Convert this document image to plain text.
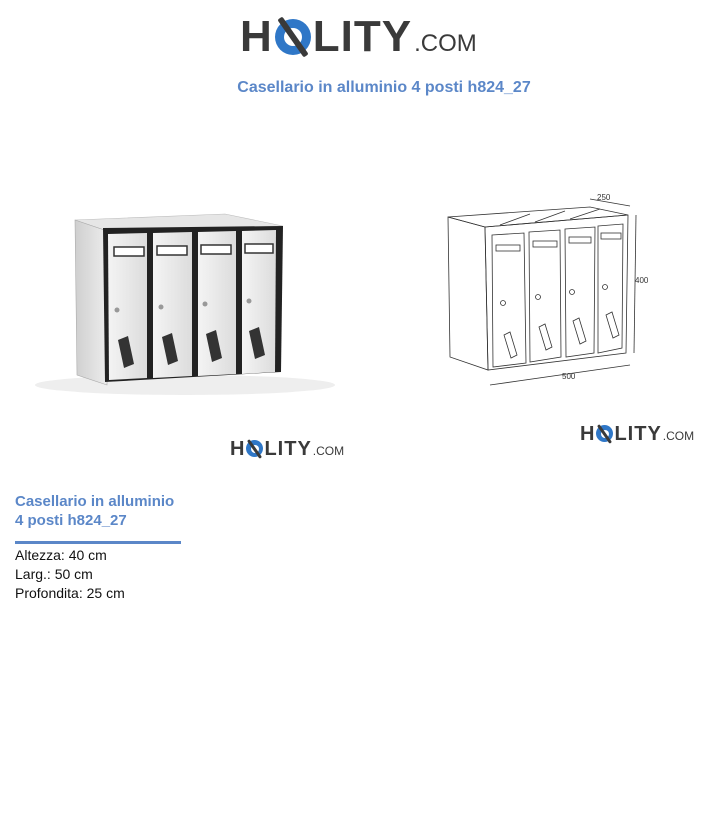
H LITY .COM
Casellario in alluminio 4 posti h824_27
H LITY .COM
250
400
500
H LITY .COM
Casellario in alluminio
4 posti h824_27
Altezza: 40 cm
Larg.: 50 cm
Profondita: 25 cm
